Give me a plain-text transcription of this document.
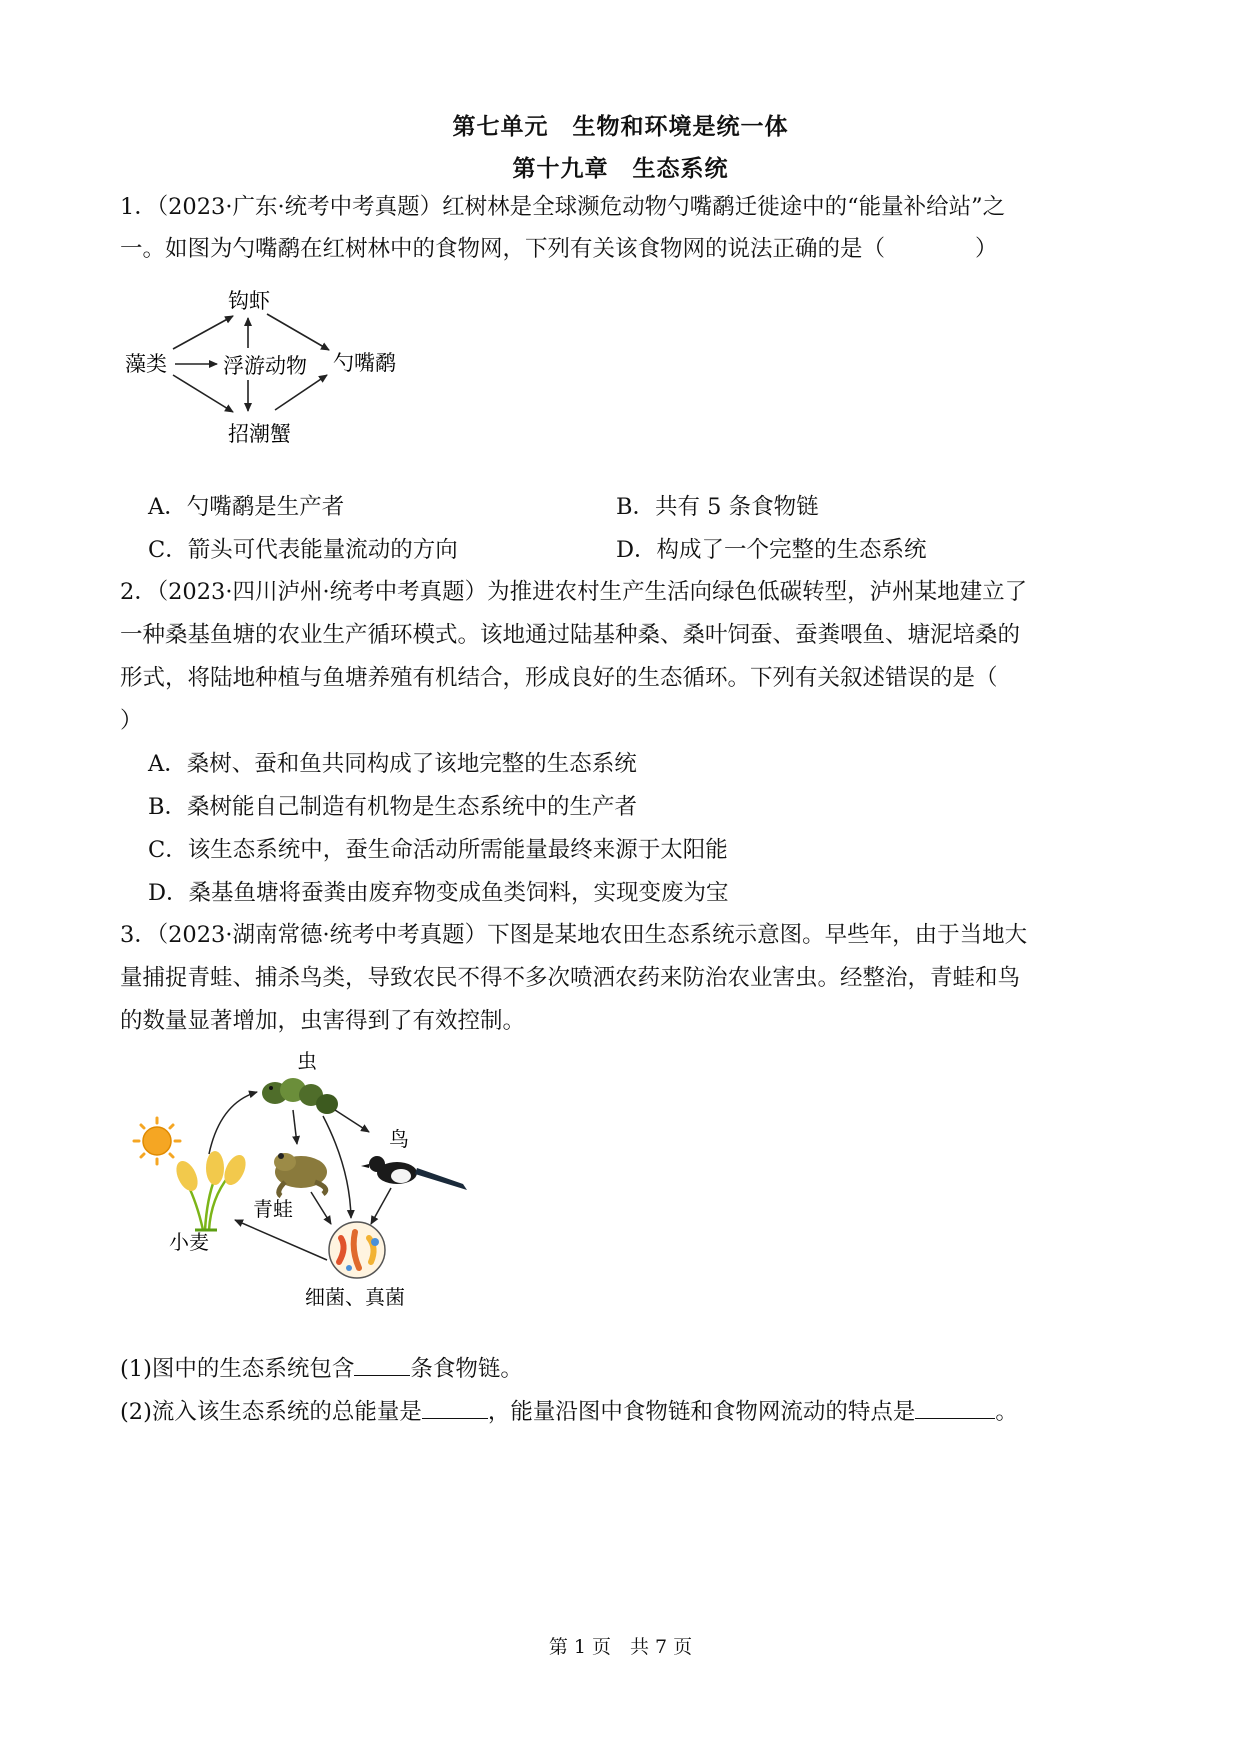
第七单元　生物和环境是统一体
第十九章　生态系统
1．（2023·广东·统考中考真题）红树林是全球濒危动物勺嘴鹬迁徙途中的“能量补给站”之
一。如图为勺嘴鹬在红树林中的食物网，下列有关该食物网的说法正确的是（　　　　）
钩虾
藻类	浮游动物 勺嘴鹬
招潮蟹
A．勺嘴鹬是生产者	B．共有 5 条食物链
C．箭头可代表能量流动的方向	D．构成了一个完整的生态系统
2．（2023·四川泸州·统考中考真题）为推进农村生产生活向绿色低碳转型，泸州某地建立了
一种桑基鱼塘的农业生产循环模式。该地通过陆基种桑、桑叶饲蚕、蚕粪喂鱼、塘泥培桑的
形式，将陆地种植与鱼塘养殖有机结合，形成良好的生态循环。下列有关叙述错误的是（
）
A．桑树、蚕和鱼共同构成了该地完整的生态系统
B．桑树能自己制造有机物是生态系统中的生产者
C．该生态系统中，蚕生命活动所需能量最终来源于太阳能
D．桑基鱼塘将蚕粪由废弃物变成鱼类饲料，实现变废为宝
3．（2023·湖南常德·统考中考真题）下图是某地农田生态系统示意图。早些年，由于当地大
量捕捉青蛙、捕杀鸟类，导致农民不得不多次喷洒农药来防治农业害虫。经整治，青蛙和鸟
的数量显著增加，虫害得到了有效控制。
虫
鸟
青蛙
小麦
细菌、真菌
(1)图中的生态系统包含 条食物链。
(2)流入该生态系统的总能量是	，能量沿图中食物链和食物网流动的特点是	。
第 1 页　共 7 页
